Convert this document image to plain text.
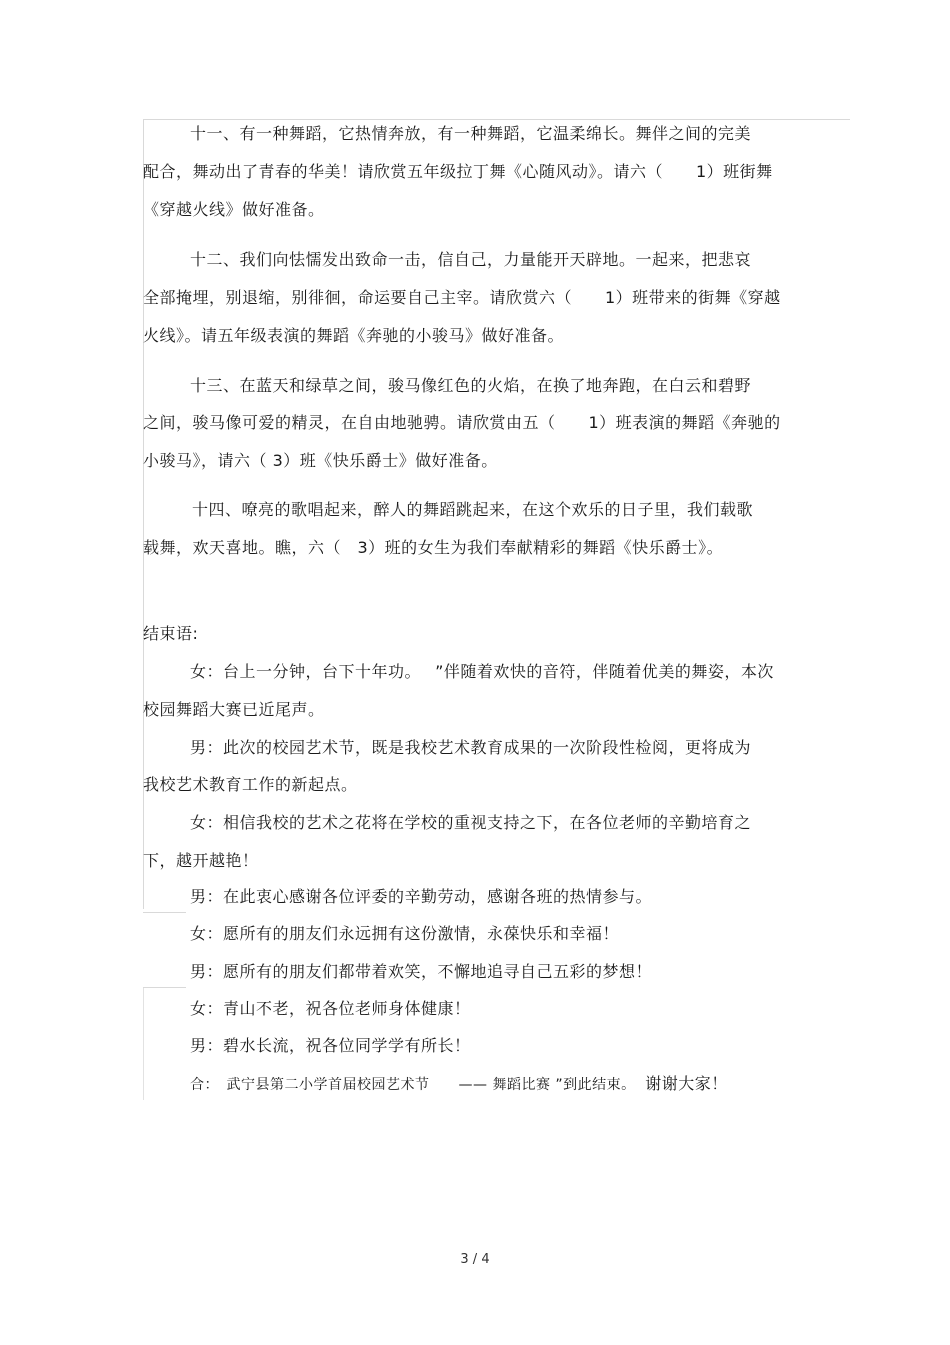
十一、有一种舞蹈，它热情奔放，有一种舞蹈，它温柔绵长。舞伴之间的完美
配合，舞动出了青春的华美！请欣赏五年级拉丁舞《心随风动》。请六（　　1）班街舞
《穿越火线》做好准备。
十二、我们向怯懦发出致命一击，信自己，力量能开天辟地。一起来，把悲哀
全部掩埋，别退缩，别徘徊，命运要自己主宰。请欣赏六（　　1）班带来的街舞《穿越
火线》。请五年级表演的舞蹈《奔驰的小骏马》做好准备。
十三、在蓝天和绿草之间，骏马像红色的火焰，在换了地奔跑，在白云和碧野
之间，骏马像可爱的精灵，在自由地驰骋。请欣赏由五（　　1）班表演的舞蹈《奔驰的
小骏马》，请六（ 3）班《快乐爵士》做好准备。
十四、嘹亮的歌唱起来，醉人的舞蹈跳起来，在这个欢乐的日子里，我们载歌
载舞，欢天喜地。瞧，六（　3）班的女生为我们奉献精彩的舞蹈《快乐爵士》。
结束语:
女：台上一分钟，台下十年功。　 ”伴随着欢快的音符，伴随着优美的舞姿，本次
校园舞蹈大赛已近尾声。
男：此次的校园艺术节，既是我校艺术教育成果的一次阶段性检阅，更将成为
我校艺术教育工作的新起点。
女：相信我校的艺术之花将在学校的重视支持之下，在各位老师的辛勤培育之
下，越开越艳！
男：在此衷心感谢各位评委的辛勤劳动，感谢各班的热情参与。
女：愿所有的朋友们永远拥有这份激情，永葆快乐和幸福！
男：愿所有的朋友们都带着欢笑，不懈地追寻自己五彩的梦想！
女：青山不老，祝各位老师身体健康！
男：碧水长流，祝各位同学学有所长！
合：　武宁县第二小学首届校园艺术节　　—— 舞蹈比赛 ”到此结束。 谢谢大家！
3 / 4
